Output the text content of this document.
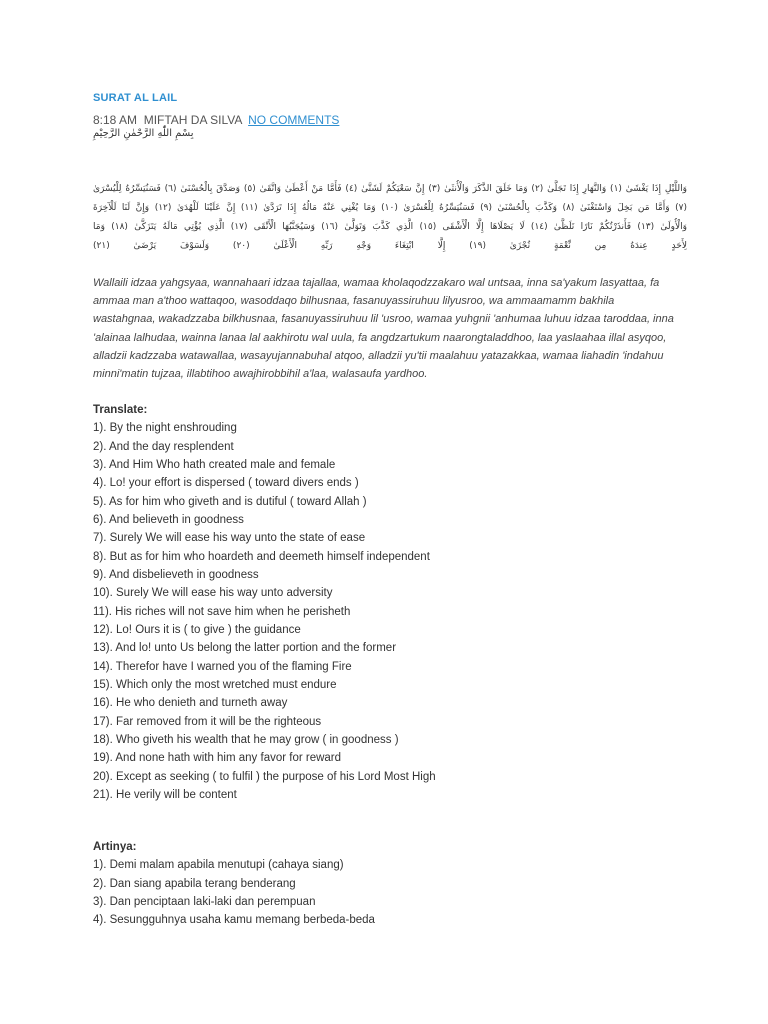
SURAT AL LAIL
8:18 AM MIFTAH DA SILVA NO COMMENTS
بِسْمِ اللّٰهِ الرَّحْمٰنِ الرَّحِيْمِ
وَاللَّيْلِ إِذَا يَغْشَىٰ (١) وَالنَّهَارِ إِذَا تَجَلَّىٰ (٢) وَمَا خَلَقَ الذَّكَرَ وَالْأُنثَىٰ (٣) إِنَّ سَعْيَكُمْ لَشَتَّىٰ (٤) فَأَمَّا مَنْ أَعْطَىٰ وَاتَّقَىٰ (٥) وَصَدَّقَ بِالْحُسْنَىٰ (٦) فَسَنُيَسِّرُهُ لِلْيُسْرَىٰ
(٧) وَأَمَّا مَن بَخِلَ وَاسْتَغْنَىٰ (٨) وَكَذَّبَ بِالْحُسْنَىٰ (٩) فَسَنُيَسِّرُهُ لِلْعُسْرَىٰ (١٠) وَمَا يُغْنِي عَنْهُ مَالُهُ إِذَا تَرَدَّىٰ (١١) إِنَّ عَلَيْنَا لَلْهُدَىٰ (١٢) وَإِنَّ لَنَا لَلْآخِرَةَ
وَالْأُولَىٰ (١٣) فَأَنذَرْتُكُمْ نَارًا تَلَظَّىٰ (١٤) لَا يَصْلَاهَا إِلَّا الْأَشْقَى (١٥) الَّذِي كَذَّبَ وَتَوَلَّىٰ (١٦) وَسَيُجَنَّبُهَا الْأَتْقَى (١٧) الَّذِي يُؤْتِي مَالَهُ يَتَزَكَّىٰ (١٨) وَمَا
لِأَحَدٍ عِندَهُ مِن نِّعْمَةٍ تُجْزَىٰ (١٩) إِلَّا ابْتِغَاءَ وَجْهِ رَبِّهِ الْأَعْلَىٰ (٢٠) وَلَسَوْفَ يَرْضَىٰ (٢١)
Wallaili idzaa yahgsyaa, wannahaari idzaa tajallaa, wamaa kholaqodzzakaro wal untsaa, inna sa'yakum lasyattaa, fa ammaa man a'thoo wattaqoo, wasoddaqo bilhusnaa, fasanuyassiruhuu lilyusroo, wa ammaamamm bakhila wastahgnaa, wakadzzaba bilkhusnaa, fasanuyassiruhuu lil 'usroo, wamaa yuhgnii 'anhumaa luhuu idzaa taroddaa, inna 'alainaa lalhudaa, wainna lanaa lal aakhirotu wal uula, fa angdzartukum naarongtaladdhoo, laa yaslaahaa illal asyqoo, alladzii kadzzaba watawallaa, wasayujannabuhal atqoo, alladzii yu'tii maalahuu yatazakkaa, wamaa liahadin 'indahuu minni'matin tujzaa, illabtihoo awajhirobbihil a'laa, walasaufa yardhoo.
Translate:
1). By the night enshrouding
2). And the day resplendent
3). And Him Who hath created male and female
4). Lo! your effort is dispersed ( toward divers ends )
5). As for him who giveth and is dutiful ( toward Allah )
6). And believeth in goodness
7). Surely We will ease his way unto the state of ease
8). But as for him who hoardeth and deemeth himself independent
9). And disbelieveth in goodness
10). Surely We will ease his way unto adversity
11). His riches will not save him when he perisheth
12). Lo! Ours it is ( to give ) the guidance
13). And lo! unto Us belong the latter portion and the former
14). Therefor have I warned you of the flaming Fire
15). Which only the most wretched must endure
16). He who denieth and turneth away
17). Far removed from it will be the righteous
18). Who giveth his wealth that he may grow ( in goodness )
19). And none hath with him any favor for reward
20). Except as seeking ( to fulfil ) the purpose of his Lord Most High
21). He verily will be content
Artinya:
1). Demi malam apabila menutupi (cahaya siang)
2). Dan siang apabila terang benderang
3). Dan penciptaan laki-laki dan perempuan
4). Sesungguhnya usaha kamu memang berbeda-beda
